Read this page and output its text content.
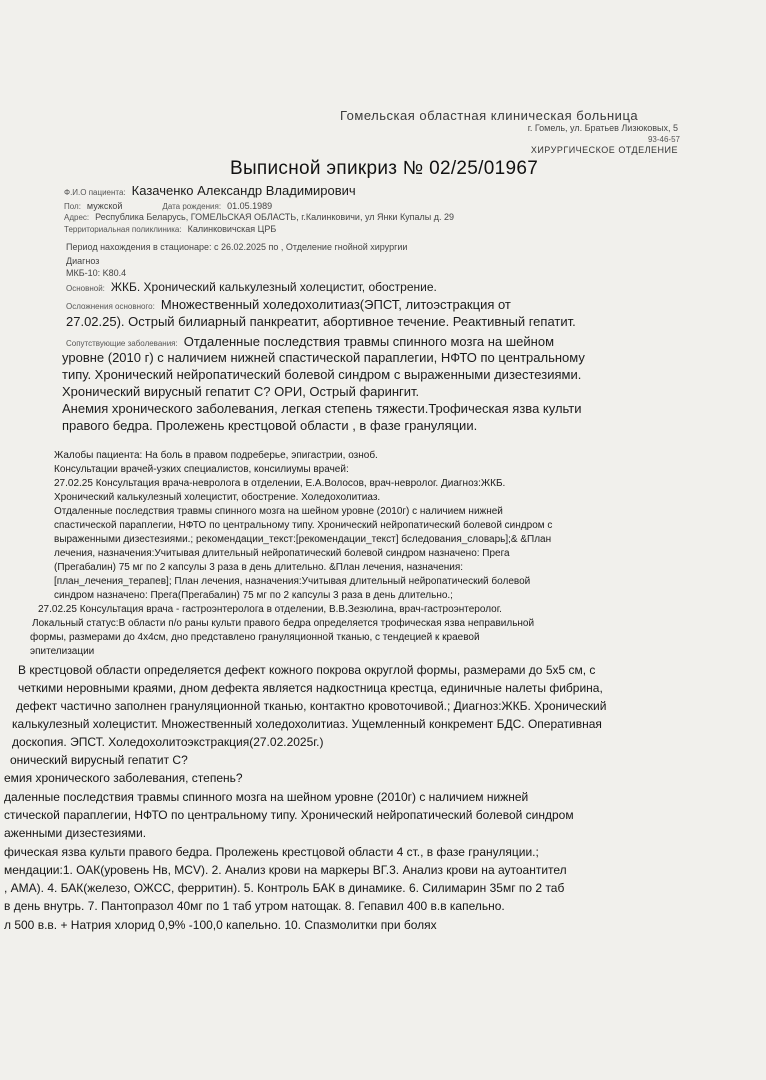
Гомельская областная клиническая больница
г. Гомель, ул. Братьев Лизюковых, 5
93-46-57
ХИРУРГИЧЕСКОЕ ОТДЕЛЕНИЕ
Выписной эпикриз № 02/25/01967
Ф.И.О пациента: Казаченко Александр Владимирович
Пол: мужской	Дата рождения: 01.05.1989
Адрес: Республика Беларусь, ГОМЕЛЬСКАЯ ОБЛАСТЬ, г.Калинковичи, ул Янки Купалы д. 29
Территориальная поликлиника: Калинковичская ЦРБ
Период нахождения в стационаре: с 26.02.2025 по , Отделение гнойной хирургии
Диагноз
МКБ-10: K80.4
Основной: ЖКБ. Хронический калькулезный холецистит, обострение.
Осложнения основного: Множественный холедохолитиаз(ЭПСТ, литоэстракция от
27.02.25). Острый билиарный панкреатит, абортивное течение. Реактивный гепатит.
Сопутствующие заболевания: Отдаленные последствия травмы спинного мозга на шейном
уровне (2010 г) с наличием нижней спастической параплегии, НФТО по центральному
типу. Хронический нейропатический болевой синдром с выраженными дизестезиями.
Хронический вирусный гепатит С? ОРИ, Острый фарингит.
Анемия хронического заболевания, легкая степень тяжести.Трофическая язва культи
правого бедра. Пролежень крестцовой области , в фазе грануляции.
Жалобы пациента: На боль в правом подреберье, эпигастрии, озноб.
Консультации врачей-узких специалистов, консилиумы врачей:
27.02.25 Консультация врача-невролога в отделении, Е.А.Волосов, врач-невролог. Диагноз:ЖКБ.
Хронический калькулезный холецистит, обострение. Холедохолитиаз.
Отдаленные последствия травмы спинного мозга на шейном уровне (2010г) с наличием нижней
спастической параплегии, НФТО по центральному типу. Хронический нейропатический болевой синдром с
выраженными дизестезиями.; рекомендации_текст:[рекомендации_текст] бследования_словарь];& &План
лечения, назначения:Учитывая длительный нейропатический болевой синдром назначено: Прега
(Прегабалин) 75 мг по 2 капсулы 3 раза в день длительно. &План лечения, назначения:
[план_лечения_терапев]; План лечения, назначения:Учитывая длительный нейропатический болевой
синдром назначено: Прега(Прегабалин) 75 мг по 2 капсулы 3 раза в день длительно.;
27.02.25 Консультация врача - гастроэнтеролога в отделении, В.В.Зезюлина, врач-гастроэнтеролог.
Локальный статус:В области п/о раны культи правого бедра определяется трофическая язва неправильной
формы, размерами до 4х4см, дно представлено грануляционной тканью, с тендецией к краевой
эпителизации
В крестцовой области определяется дефект кожного покрова округлой формы, размерами до 5х5 см, с
четкими неровными краями, дном дефекта является надкостница крестца, единичные налеты фибрина,
дефект частично заполнен грануляционной тканью, контактно кровоточивой.; Диагноз:ЖКБ. Хронический
калькулезный холецистит. Множественный холедохолитиаз. Ущемленный конкремент БДС. Оперативная
доскопия. ЭПСТ. Холедохолитоэкстракция(27.02.2025г.)
онический вирусный гепатит С?
емия хронического заболевания, степень?
даленные последствия травмы спинного мозга на шейном уровне (2010г) с наличием нижней
стической параплегии, НФТО по центральному типу. Хронический нейропатический болевой синдром
аженными дизестезиями.
фическая язва культи правого бедра. Пролежень крестцовой области 4 ст., в фазе грануляции.;
мендации:1. ОАК(уровень Нв, MCV). 2. Анализ крови на маркеры ВГ.3. Анализ крови на аутоантител
, АМА). 4. БАК(железо, ОЖСС, ферритин). 5. Контроль БАК в динамике. 6. Силимарин 35мг по 2 таб
в день внутрь. 7. Пантопразол 40мг по 1 таб утром натощак. 8. Гепавил 400 в.в капельно.
л 500 в.в. + Натрия хлорид 0,9% -100,0 капельно. 10. Спазмолитки при болях
